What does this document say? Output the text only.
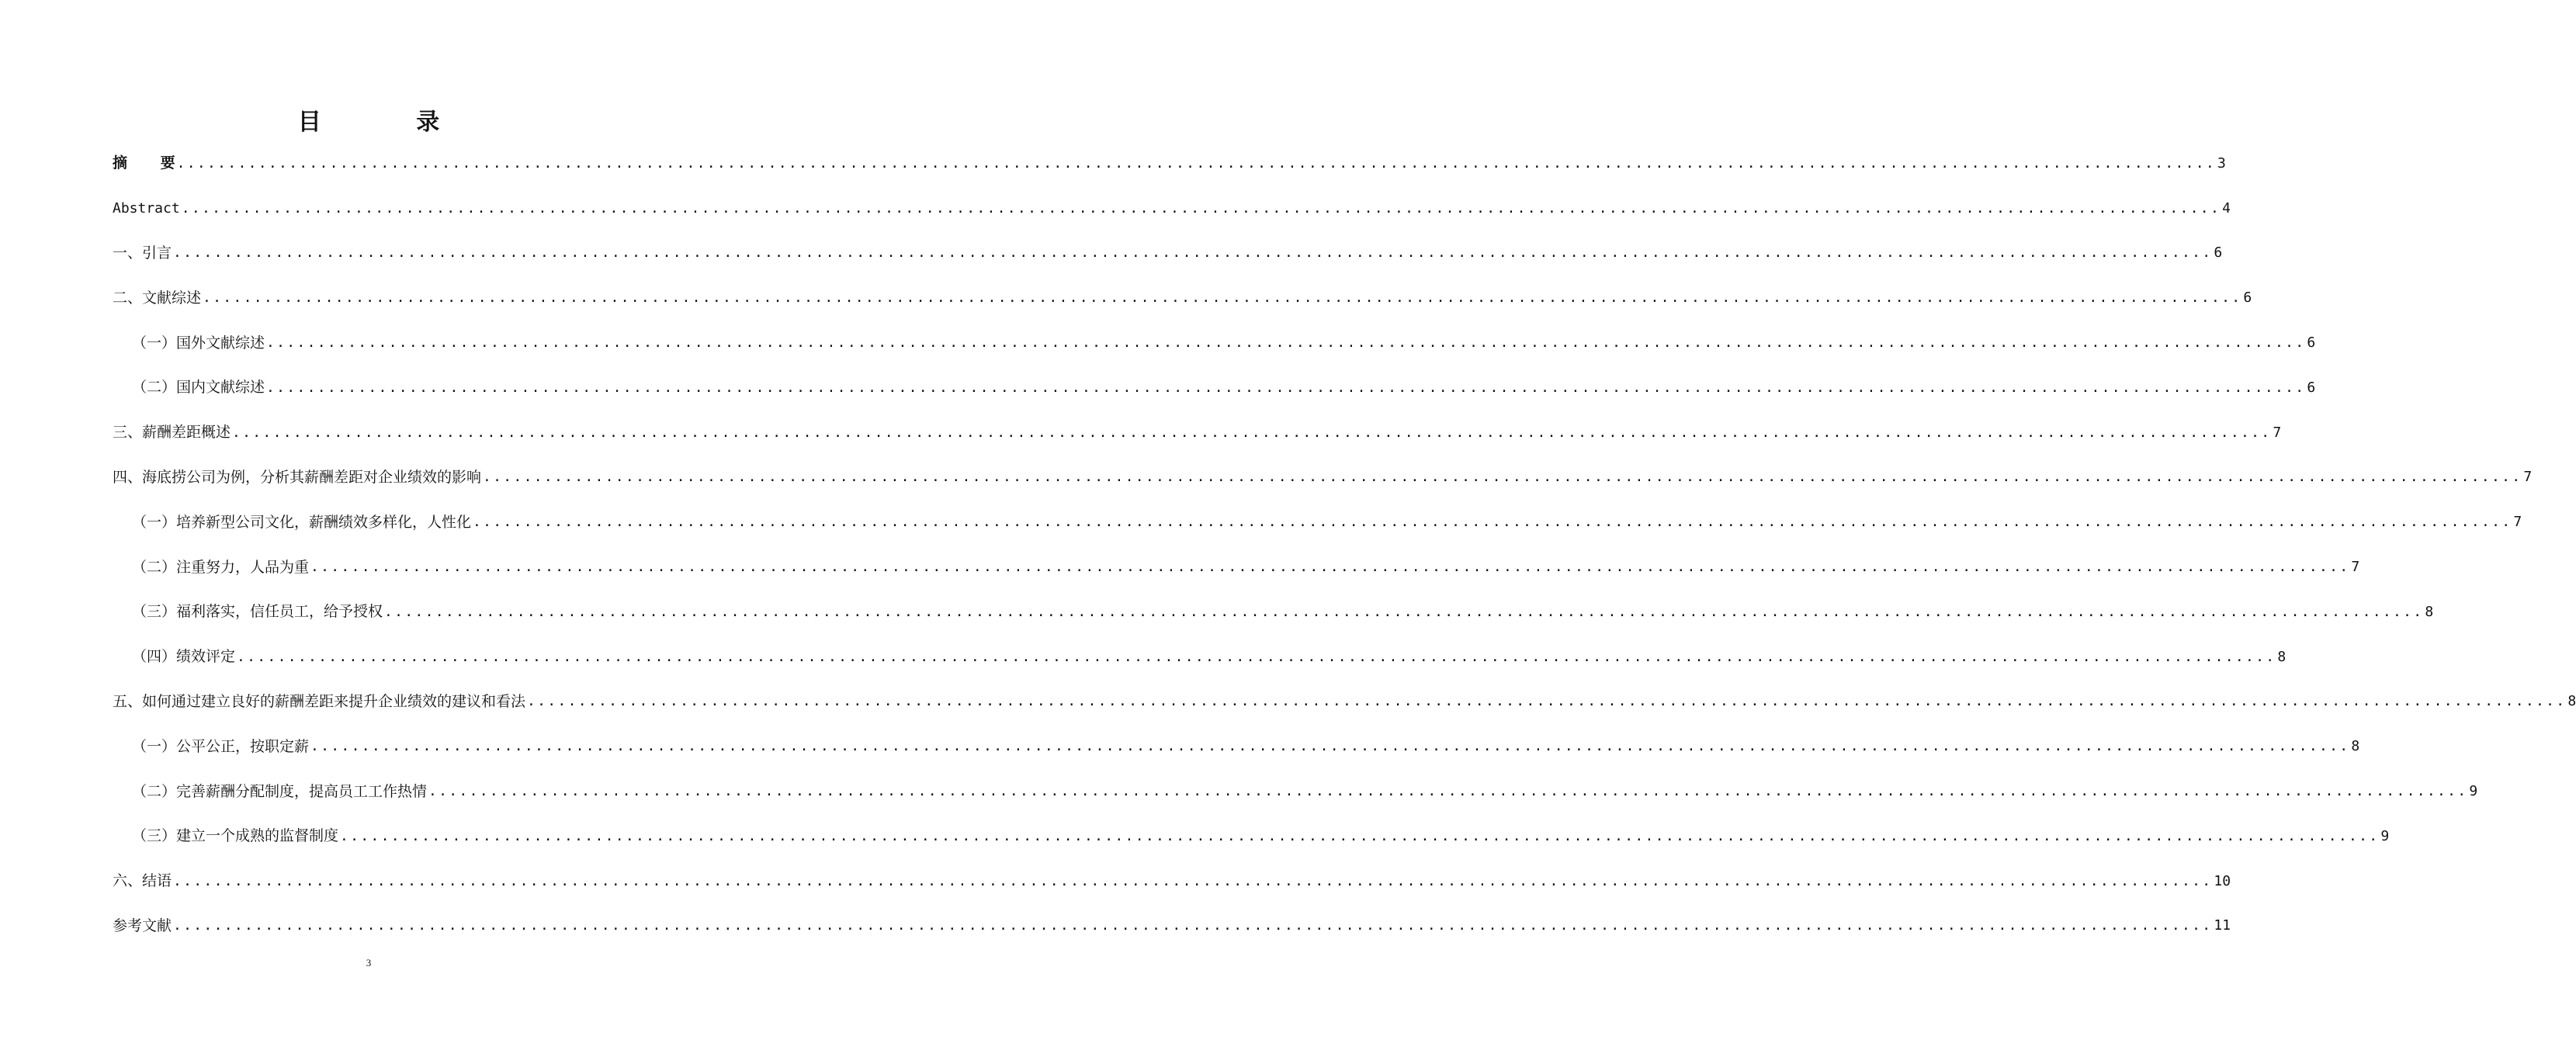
目 录
摘 要
........................................................................................................................................................................................................ 3
Abstract ........................................................................................................................................................................................................ 4
一、引言 ........................................................................................................................................................................................................ 6
二、文献综述 ........................................................................................................................................................................................................ 6
（一）国外文献综述 ........................................................................................................................................................................................................ 6
（二）国内文献综述 ........................................................................................................................................................................................................ 6
三、薪酬差距概述 ........................................................................................................................................................................................................ 7
四、海底捞公司为例，分析其薪酬差距对企业绩效的影响 ........................................................................................................................................................................................................ 7
（一）培养新型公司文化，薪酬绩效多样化，人性化 ........................................................................................................................................................................................................ 7
（二）注重努力，人品为重 ........................................................................................................................................................................................................ 7
（三）福利落实，信任员工，给予授权 ........................................................................................................................................................................................................ 8
（四）绩效评定 ........................................................................................................................................................................................................ 8
五、如何通过建立良好的薪酬差距来提升企业绩效的建议和看法 ........................................................................................................................................................................................................ 8
（一）公平公正，按职定薪 ........................................................................................................................................................................................................ 8
（二）完善薪酬分配制度，提高员工工作热情 ........................................................................................................................................................................................................ 9
（三）建立一个成熟的监督制度 ........................................................................................................................................................................................................ 9
六、结语 ........................................................................................................................................................................................................ 10
参考文献 ........................................................................................................................................................................................................ 11
3
